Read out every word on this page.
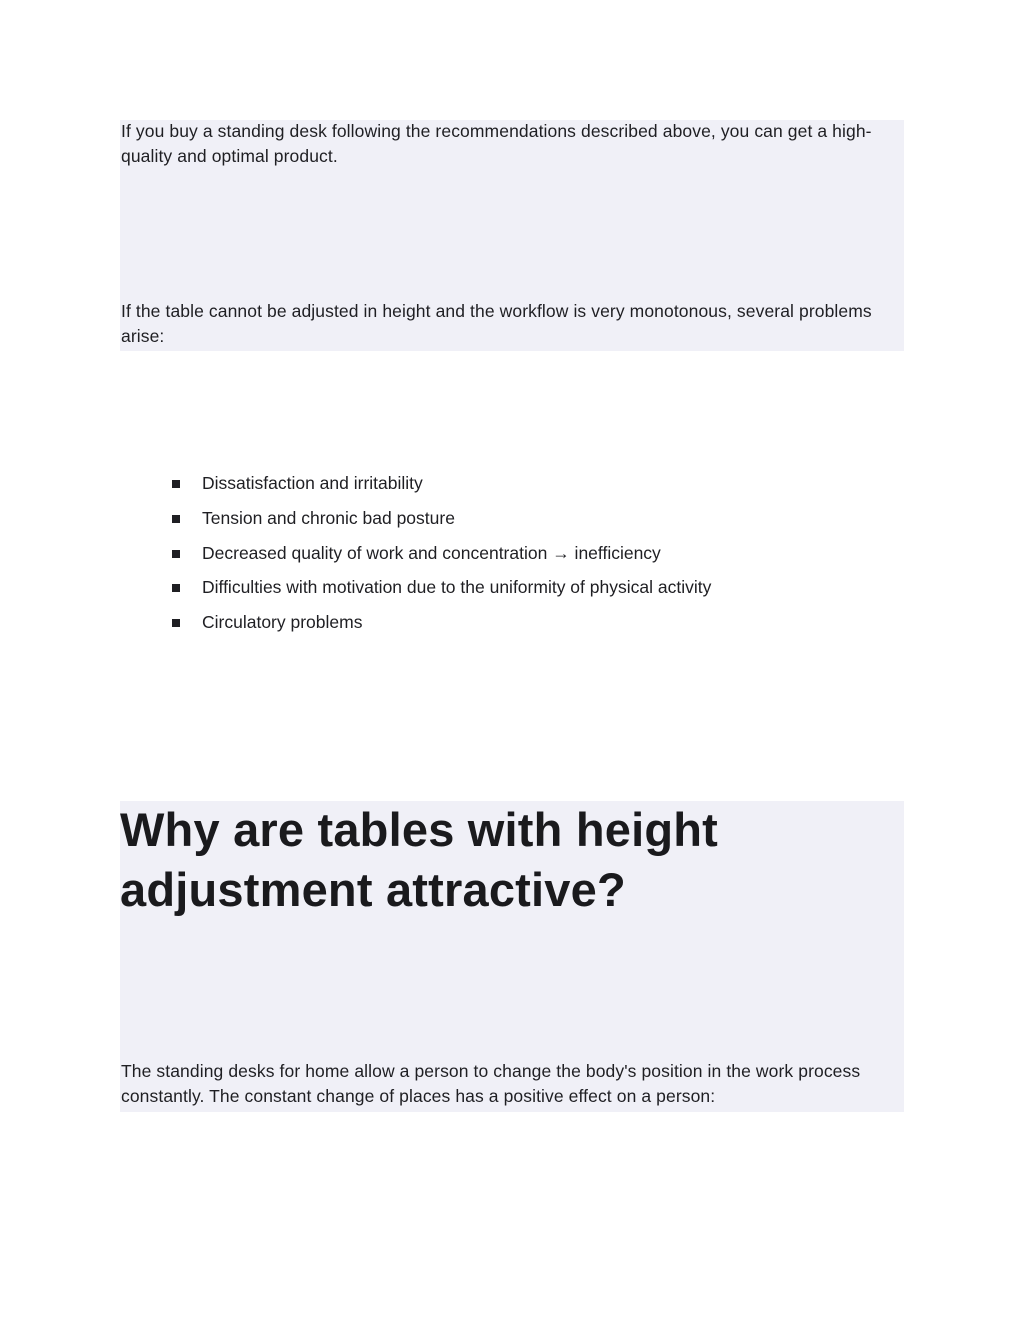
If you buy a standing desk following the recommendations described above, you can get a high-quality and optimal product.

If the table cannot be adjusted in height and the workflow is very monotonous, several problems arise:

Dissatisfaction and irritability
Tension and chronic bad posture
Decreased quality of work and concentration → inefficiency
Difficulties with motivation due to the uniformity of physical activity
Circulatory problems
Why are tables with height adjustment attractive?

The standing desks for home allow a person to change the body's position in the work process constantly. The constant change of places has a positive effect on a person:
